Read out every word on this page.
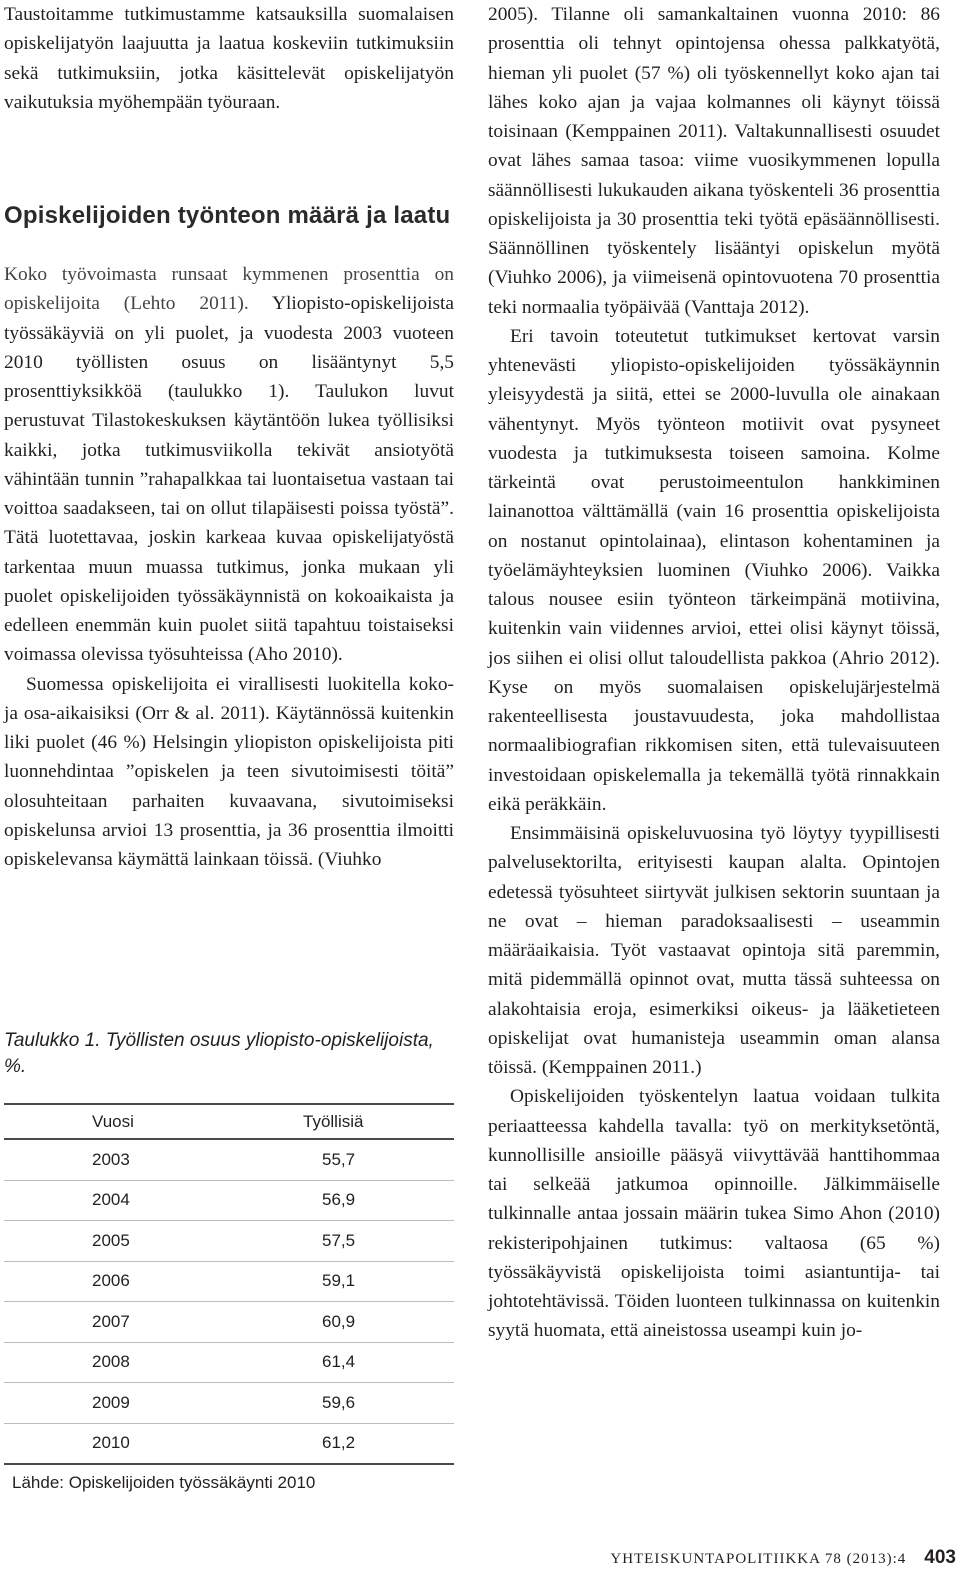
Taustoitamme tutkimustamme katsauksilla suomalaisen opiskelijatyön laajuutta ja laatua koskeviin tutkimuksiin sekä tutkimuksiin, jotka käsittelevät opiskelijatyön vaikutuksia myöhempään työuraan.

Opiskelijoiden työnteon määrä ja laatu

Koko työvoimasta runsaat kymmenen prosenttia on opiskelijoita (Lehto 2011). Yliopisto-opiskelijoista työssäkäyviä on yli puolet, ja vuodesta 2003 vuoteen 2010 työllisten osuus on lisääntynyt 5,5 prosenttiyksikköä (taulukko 1). Taulukon luvut perustuvat Tilastokeskuksen käytäntöön lukea työllisiksi kaikki, jotka tutkimusviikolla tekivät ansiotyötä vähintään tunnin ”rahapalkkaa tai luontaisetua vastaan tai voittoa saadakseen, tai on ollut tilapäisesti poissa työstä”. Tätä luotettavaa, joskin karkeaa kuvaa opiskelijatyöstä tarkentaa muun muassa tutkimus, jonka mukaan yli puolet opiskelijoiden työssäkäynnistä on kokoaikaista ja edelleen enemmän kuin puolet siitä tapahtuu toistaiseksi voimassa olevissa työsuhteissa (Aho 2010).

Suomessa opiskelijoita ei virallisesti luokitella koko- ja osa-aikaisiksi (Orr & al. 2011). Käytännössä kuitenkin liki puolet (46 %) Helsingin yliopiston opiskelijoista piti luonnehdintaa ”opiskelen ja teen sivutoimisesti töitä” olosuhteitaan parhaiten kuvaavana, sivutoimiseksi opiskelunsa arvioi 13 prosenttia, ja 36 prosenttia ilmoitti opiskelevansa käymättä lainkaan töissä. (Viuhko

Taulukko 1. Työllisten osuus yliopisto-opiskelijoista, %.
Vuosi	Työllisiä
2003	55,7
2004	56,9
2005	57,5
2006	59,1
2007	60,9
2008	61,4
2009	59,6
2010	61,2
Lähde: Opiskelijoiden työssäkäynti 2010

2005). Tilanne oli samankaltainen vuonna 2010: 86 prosenttia oli tehnyt opintojensa ohessa palkkatyötä, hieman yli puolet (57 %) oli työskennellyt koko ajan tai lähes koko ajan ja vajaa kolmannes oli käynyt töissä toisinaan (Kemppainen 2011). Valtakunnallisesti osuudet ovat lähes samaa tasoa: viime vuosikymmenen lopulla säännöllisesti lukukauden aikana työskenteli 36 prosenttia opiskelijoista ja 30 prosenttia teki työtä epäsäännöllisesti. Säännöllinen työskentely lisääntyi opiskelun myötä (Viuhko 2006), ja viimeisenä opintovuotena 70 prosenttia teki normaalia työpäivää (Vanttaja 2012).

Eri tavoin toteutetut tutkimukset kertovat varsin yhtenevästi yliopisto-opiskelijoiden työssäkäynnin yleisyydestä ja siitä, ettei se 2000-luvulla ole ainakaan vähentynyt. Myös työnteon motiivit ovat pysyneet vuodesta ja tutkimuksesta toiseen samoina. Kolme tärkeintä ovat perustoimeentulon hankkiminen lainanottoa välttämällä (vain 16 prosenttia opiskelijoista on nostanut opintolainaa), elintason kohentaminen ja työelämäyhteyksien luominen (Viuhko 2006). Vaikka talous nousee esiin työnteon tärkeimpänä motiivina, kuitenkin vain viidennes arvioi, ettei olisi käynyt töissä, jos siihen ei olisi ollut taloudellista pakkoa (Ahrio 2012). Kyse on myös suomalaisen opiskelujärjestelmä rakenteellisesta joustavuudesta, joka mahdollistaa normaalibiografian rikkomisen siten, että tulevaisuuteen investoidaan opiskelemalla ja tekemällä työtä rinnakkain eikä peräkkäin.

Ensimmäisinä opiskeluvuosina työ löytyy tyypillisesti palvelusektorilta, erityisesti kaupan alalta. Opintojen edetessä työsuhteet siirtyvät julkisen sektorin suuntaan ja ne ovat – hieman paradoksaalisesti – useammin määräaikaisia. Työt vastaavat opintoja sitä paremmin, mitä pidemmällä opinnot ovat, mutta tässä suhteessa on alakohtaisia eroja, esimerkiksi oikeus- ja lääketieteen opiskelijat ovat humanisteja useammin oman alansa töissä. (Kemppainen 2011.)

Opiskelijoiden työskentelyn laatua voidaan tulkita periaatteessa kahdella tavalla: työ on merkityksetöntä, kunnollisille ansioille pääsyä viivyttävää hanttihommaa tai selkeää jatkumoa opinnoille. Jälkimmäiselle tulkinnalle antaa jossain määrin tukea Simo Ahon (2010) rekisteripohjainen tutkimus: valtaosa (65 %) työssäkäyvistä opiskelijoista toimi asiantuntija- tai johtotehtävissä. Töiden luonteen tulkinnassa on kuitenkin syytä huomata, että aineistossa useampi kuin jo-

YHTEISKUNTAPOLITIIKKA 78 (2013):4 403
